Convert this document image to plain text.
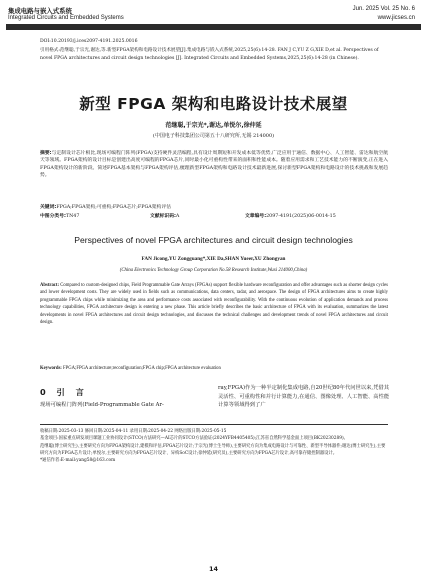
集成电路与嵌入式系统
Integrated Circuits and Embedded Systems
Jun. 2025 Vol. 25 No. 6
www.jicses.cn
DOI:10.20193/j.ices2097-4191.2025.0016
引用格式:范继聪,于宗光,谢达,等.新型FPGA架构和电路设计技术展望[J].集成电路与嵌入式系统,2025,25(6):14-28. FAN J C,YU Z G,XIE D,et al. Perspectives of novel FPGA architectures and circuit design technologies [J]. Integrated Circuits and Embedded Systems,2025,25(6):14-28 (in Chinese).
新型 FPGA 架构和电路设计技术展望
范继聪,于宗光*,谢达,单悦尔,徐仲延
(中国电子科技集团公司第五十八研究所,无锡 214000)
摘要:与定制设计芯片相比,现场可编程门阵列(FPGA)支持硬件灵活编程,具有设计周期短和开发成本低等优势,广泛应用于通信、数据中心、人工智能、雷达和航空航天等领域。FPGA架构的设计目标是创建出高度可编程的FPGA芯片,同时最小化可重构性带来的面积和性能成本。随着应用需求和工艺技术能力的不断演变,正在进入FPGA架构设计的新阶段。简述FPGA基本架构与FPGA架构评估,梳理新型FPGA架构和电路设计技术最新进展,探讨新型FPGA架构和电路设计的技术挑战和发展趋势。
关键词:FPGA;FPGA架构;可重构;FPGA芯片;FPGA架构评估
中图分类号:TN47	文献标识码:A	文章编号:2097-4191(2025)06-0014-15
Perspectives of novel FPGA architectures and circuit design technologies
FAN Jicong,YU Zongguang*,XIE Da,SHAN Yueer,XU Zhongyan
(China Electronics Technology Group Corporation No.58 Research Institute,Wuxi 214000,China)
Abstract: Compared to custom-designed chips, Field Programmable Gate Arrays (FPGAs) support flexible hardware reconfiguration and offer advantages such as shorter design cycles and lower development costs. They are widely used in fields such as communications, data centers, radar, and aerospace. The design of FPGA architectures aims to create highly programmable FPGA chips while minimizing the area and performance costs associated with reconfigurability. With the continuous evolution of application demands and process technology capabilities, FPGA architecture design is entering a new phase. This article briefly describes the basic architecture of FPGA with its evaluation, summarizes the latest developments in novel FPGA architectures and circuit design technologies, and discusses the technical challenges and development trends of novel FPGA architectures and circuit design.
Keywords: FPGA;FPGA architecture;reconfiguration;FPGA chip;FPGA architecture evaluation
0 引 言
现场可编程门阵列(Field-Programmable Gate Ar-
ray,FPGA)作为一种半定制化集成电路,自20世纪80年代问世以来,凭借其灵活性、可重构性和并行计算能力,在通信、图像处理、人工智能、高性能计算等领域得到了广
收稿日期:2025-03-13 修回日期:2025-04-11 录用日期:2025-04-22 网络出版日期:2025-05-15
基金项目:国家重点研发项目课题工业协同设计(STCO)方法研究—AI芯片的STCO方法验证(2024YFB4405405);江苏省自然科学基金面上项目(BK20230289)。
范继聪(博士研究生),主要研究方向为FPGA架构设计,建模和评估,FPGA芯片设计;于宗光(博士生导师),主要研究方向为集成电路设计与可靠性、新型半导体器件;谢达(博士研究生),主要研究方向为FPGA芯片设计;单悦尔,主要研究方向为FPGA芯片设计、异构SoC设计;徐仲延(研究员),主要研究方向为FPGA芯片设计,高可靠存储控制器设计。
*通信作者:E-mail:yang58@163.com
14
